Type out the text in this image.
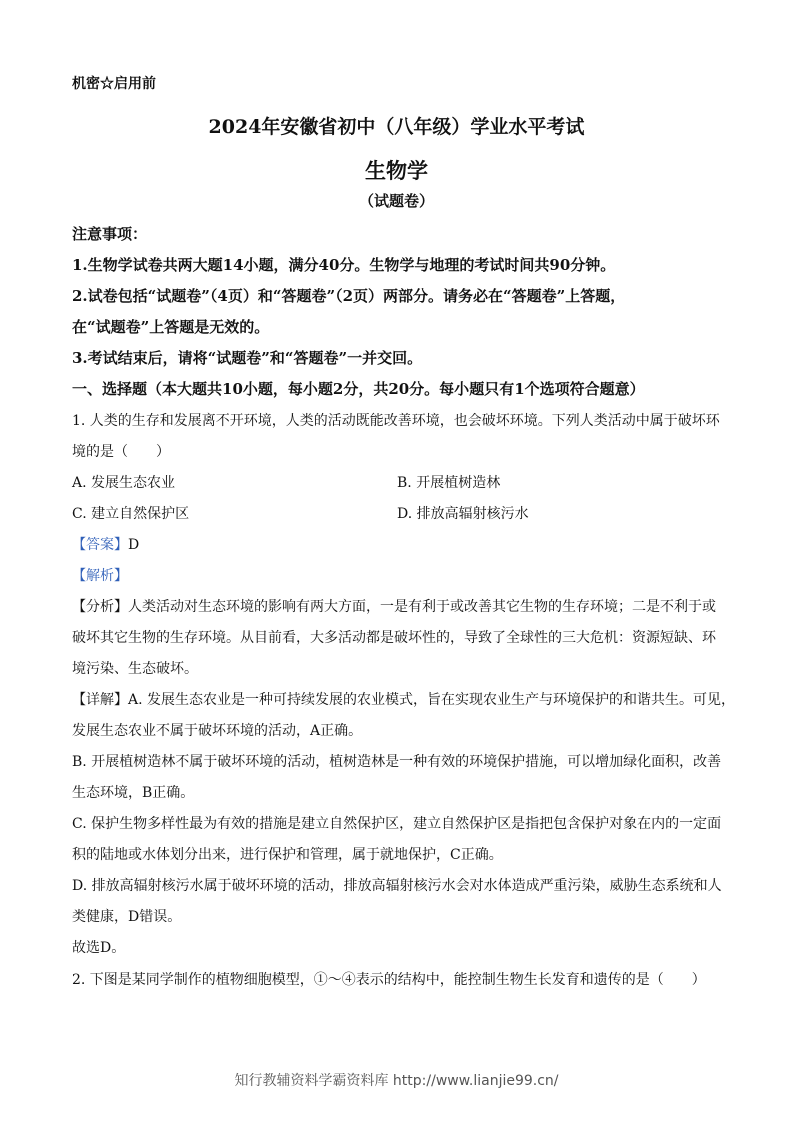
机密☆启用前
2024年安徽省初中（八年级）学业水平考试
生物学
（试题卷）
注意事项：
1.生物学试卷共两大题14小题，满分40分。生物学与地理的考试时间共90分钟。
2.试卷包括“试题卷”（4页）和“答题卷”（2页）两部分。请务必在“答题卷”上答题，
在“试题卷”上答题是无效的。
3.考试结束后，请将“试题卷”和“答题卷”一并交回。
一、选择题（本大题共10小题，每小题2分，共20分。每小题只有1个选项符合题意）
1. 人类的生存和发展离不开环境，人类的活动既能改善环境，也会破坏环境。下列人类活动中属于破坏环
境的是（　　）
A. 发展生态农业	B. 开展植树造林
C. 建立自然保护区	D. 排放高辐射核污水
【答案】D
【解析】
【分析】人类活动对生态环境的影响有两大方面，一是有利于或改善其它生物的生存环境；二是不利于或
破坏其它生物的生存环境。从目前看，大多活动都是破坏性的，导致了全球性的三大危机：资源短缺、环
境污染、生态破坏。
【详解】A. 发展生态农业是一种可持续发展的农业模式，旨在实现农业生产与环境保护的和谐共生。可见，
发展生态农业不属于破坏环境的活动，A正确。
B. 开展植树造林不属于破坏环境的活动，植树造林是一种有效的环境保护措施，可以增加绿化面积，改善
生态环境，B正确。
C. 保护生物多样性最为有效的措施是建立自然保护区，建立自然保护区是指把包含保护对象在内的一定面
积的陆地或水体划分出来，进行保护和管理，属于就地保护，C正确。
D. 排放高辐射核污水属于破坏环境的活动，排放高辐射核污水会对水体造成严重污染，威胁生态系统和人
类健康，D错误。
故选D。
2. 下图是某同学制作的植物细胞模型，①～④表示的结构中，能控制生物生长发育和遗传的是（　　）
知行教辅资料学霸资料库 http://www.lianjie99.cn/
